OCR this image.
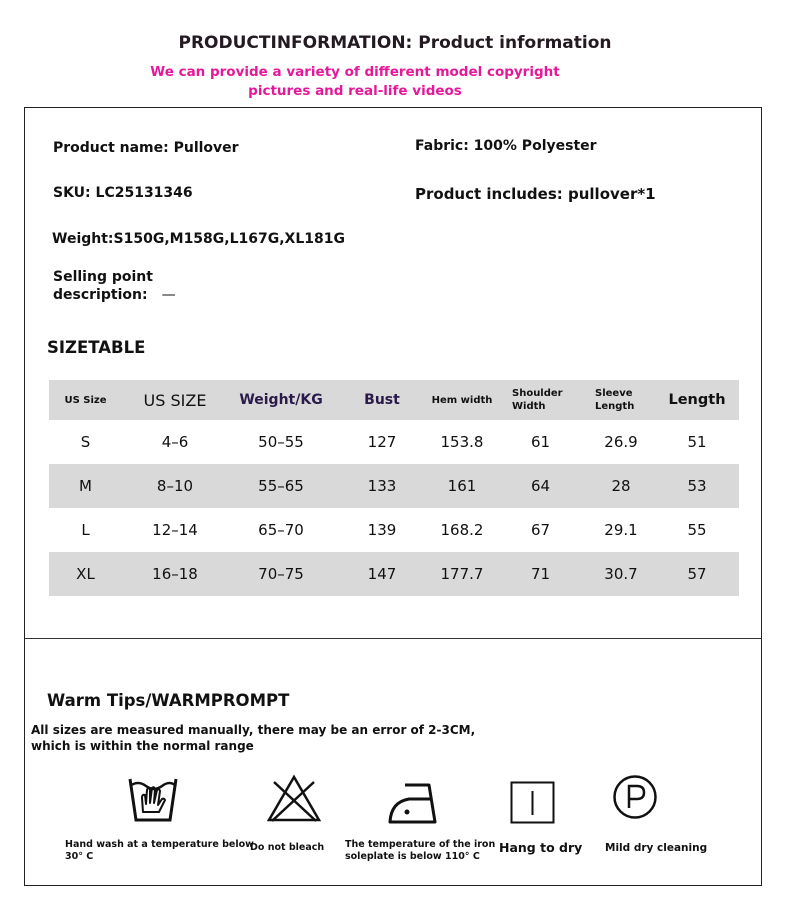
PRODUCTINFORMATION: Product information
We can provide a variety of different model copyright
pictures and real-life videos
Product name: Pullover	Fabric: 100% Polyester
SKU: LC25131346	Product includes: pullover*1
Weight:S150G,M158G,L167G,XL181G
Selling point
description: —
SIZETABLE
US Size	US SIZE	Weight/KG	Bust	Hem width	Shoulder Width	Sleeve Length	Length
S	4–6	50–55	127	153.8	61	26.9	51
M	8–10	55–65	133	161	64	28	53
L	12–14	65–70	139	168.2	67	29.1	55
XL	16–18	70–75	147	177.7	71	30.7	57
Warm Tips/WARMPROMPT
All sizes are measured manually, there may be an error of 2-3CM,
which is within the normal range
Hand wash at a temperature below
30° C
Do not bleach The temperature of the iron
soleplate is below 110° C
Hang to dry Mild dry cleaning
